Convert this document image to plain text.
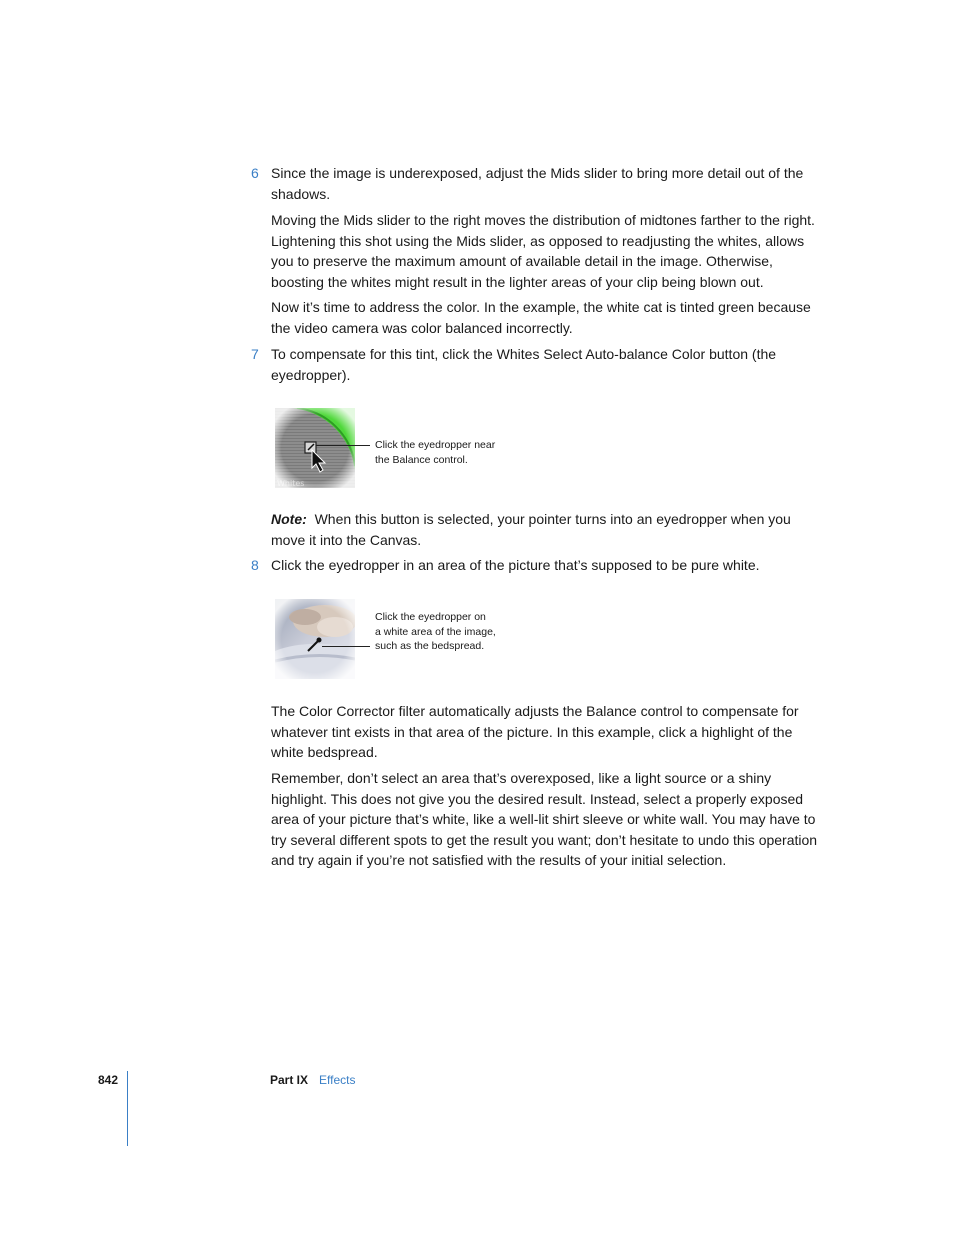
6 Since the image is underexposed, adjust the Mids slider to bring more detail out of the shadows.

Moving the Mids slider to the right moves the distribution of midtones farther to the right. Lightening this shot using the Mids slider, as opposed to readjusting the whites, allows you to preserve the maximum amount of available detail in the image. Otherwise, boosting the whites might result in the lighter areas of your clip being blown out.

Now it’s time to address the color. In the example, the white cat is tinted green because the video camera was color balanced incorrectly.

7 To compensate for this tint, click the Whites Select Auto-balance Color button (the eyedropper).

Click the eyedropper near
the Balance control.

Note: When this button is selected, your pointer turns into an eyedropper when you move it into the Canvas.

8 Click the eyedropper in an area of the picture that’s supposed to be pure white.

Click the eyedropper on
a white area of the image,
such as the bedspread.

The Color Corrector filter automatically adjusts the Balance control to compensate for whatever tint exists in that area of the picture. In this example, click a highlight of the white bedspread.

Remember, don’t select an area that’s overexposed, like a light source or a shiny highlight. This does not give you the desired result. Instead, select a properly exposed area of your picture that’s white, like a well-lit shirt sleeve or white wall. You may have to try several different spots to get the result you want; don’t hesitate to undo this operation and try again if you’re not satisfied with the results of your initial selection.

842	Part IX Effects
